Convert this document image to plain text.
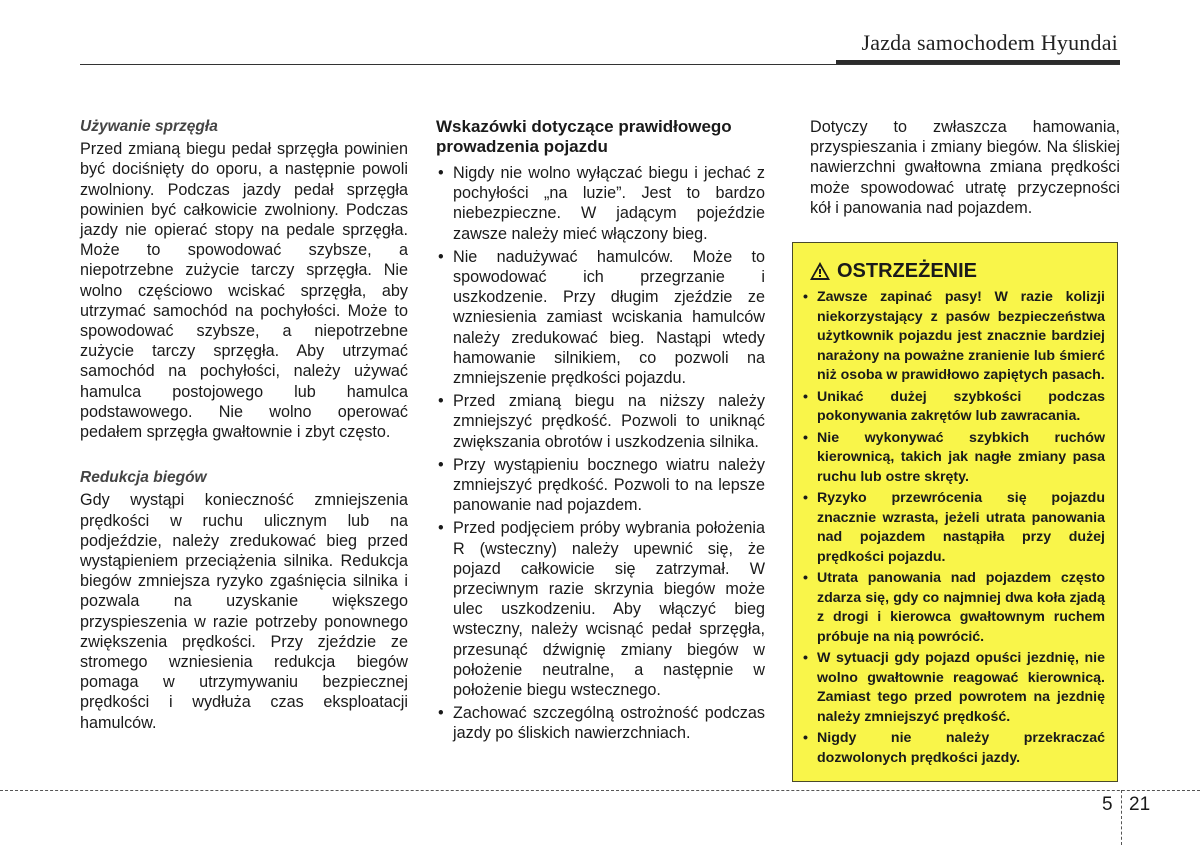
Jazda samochodem Hyundai

Używanie sprzęgła

Przed zmianą biegu pedał sprzęgła powinien być dociśnięty do oporu, a następnie powoli zwolniony. Podczas jazdy pedał sprzęgła powinien być całkowicie zwolniony. Podczas jazdy nie opierać stopy na pedale sprzęgła. Może to spowodować szybsze, a niepotrzebne zużycie tarczy sprzęgła. Nie wolno częściowo wciskać sprzęgła, aby utrzymać samochód na pochyłości. Może to spowodować szybsze, a niepotrzebne zużycie tarczy sprzęgła. Aby utrzymać samochód na pochyłości, należy używać hamulca postojowego lub hamulca podstawowego. Nie wolno operować pedałem sprzęgła gwałtownie i zbyt często.

Redukcja biegów

Gdy wystąpi konieczność zmniejszenia prędkości w ruchu ulicznym lub na podjeździe, należy zredukować bieg przed wystąpieniem przeciążenia silnika. Redukcja biegów zmniejsza ryzyko zgaśnięcia silnika i pozwala na uzyskanie większego przyspieszenia w razie potrzeby ponownego zwiększenia prędkości. Przy zjeździe ze stromego wzniesienia redukcja biegów pomaga w utrzymywaniu bezpiecznej prędkości i wydłuża czas eksploatacji hamulców.

Wskazówki dotyczące prawidłowego prowadzenia pojazdu

• Nigdy nie wolno wyłączać biegu i jechać z pochyłości „na luzie”. Jest to bardzo niebezpieczne. W jadącym pojeździe zawsze należy mieć włączony bieg.
• Nie nadużywać hamulców. Może to spowodować ich przegrzanie i uszkodzenie. Przy długim zjeździe ze wzniesienia zamiast wciskania hamulców należy zredukować bieg. Nastąpi wtedy hamowanie silnikiem, co pozwoli na zmniejszenie prędkości pojazdu.
• Przed zmianą biegu na niższy należy zmniejszyć prędkość. Pozwoli to uniknąć zwiększania obrotów i uszkodzenia silnika.
• Przy wystąpieniu bocznego wiatru należy zmniejszyć prędkość. Pozwoli to na lepsze panowanie nad pojazdem.
• Przed podjęciem próby wybrania położenia R (wsteczny) należy upewnić się, że pojazd całkowicie się zatrzymał. W przeciwnym razie skrzynia biegów może ulec uszkodzeniu. Aby włączyć bieg wsteczny, należy wcisnąć pedał sprzęgła, przesunąć dźwignię zmiany biegów w położenie neutralne, a następnie w położenie biegu wstecznego.
• Zachować szczególną ostrożność podczas jazdy po śliskich nawierzchniach.

Dotyczy to zwłaszcza hamowania, przyspieszania i zmiany biegów. Na śliskiej nawierzchni gwałtowna zmiana prędkości może spowodować utratę przyczepności kół i panowania nad pojazdem.

OSTRZEŻENIE
• Zawsze zapinać pasy! W razie kolizji niekorzystający z pasów bezpieczeństwa użytkownik pojazdu jest znacznie bardziej narażony na poważne zranienie lub śmierć niż osoba w prawidłowo zapiętych pasach.
• Unikać dużej szybkości podczas pokonywania zakrętów lub zawracania.
• Nie wykonywać szybkich ruchów kierownicą, takich jak nagłe zmiany pasa ruchu lub ostre skręty.
• Ryzyko przewrócenia się pojazdu znacznie wzrasta, jeżeli utrata panowania nad pojazdem nastąpiła przy dużej prędkości pojazdu.
• Utrata panowania nad pojazdem często zdarza się, gdy co najmniej dwa koła zjadą z drogi i kierowca gwałtownym ruchem próbuje na nią powrócić.
• W sytuacji gdy pojazd opuści jezdnię, nie wolno gwałtownie reagować kierownicą. Zamiast tego przed powrotem na jezdnię należy zmniejszyć prędkość.
• Nigdy nie należy przekraczać dozwolonych prędkości jazdy.
5 21
